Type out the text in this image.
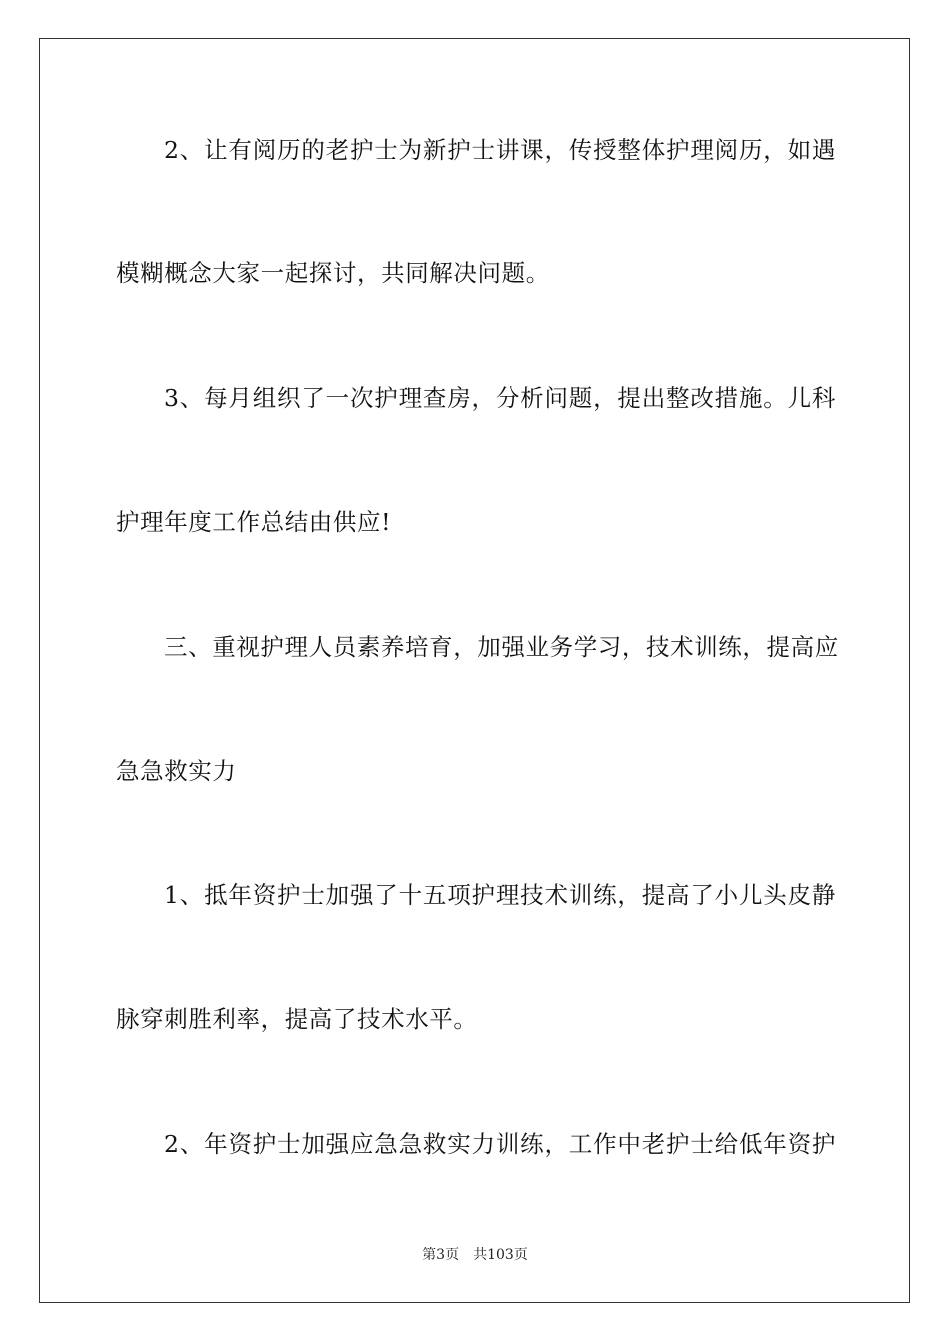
2、让有阅历的老护士为新护士讲课，传授整体护理阅历，如遇
模糊概念大家一起探讨，共同解决问题。
3、每月组织了一次护理查房，分析问题，提出整改措施。儿科
护理年度工作总结由供应!
三、重视护理人员素养培育，加强业务学习，技术训练，提高应
急急救实力
1、抵年资护士加强了十五项护理技术训练，提高了小儿头皮静
脉穿刺胜利率，提高了技术水平。
2、年资护士加强应急急救实力训练，工作中老护士给低年资护
第3页 共103页
